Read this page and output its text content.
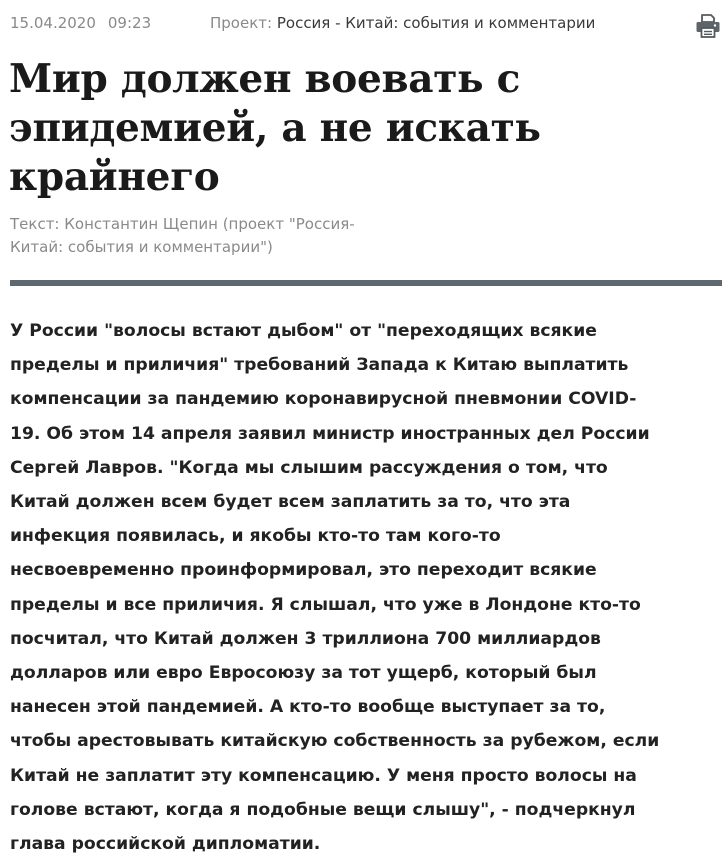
15.04.2020 09:23	Проект: Россия - Китай: события и комментарии
Мир должен воевать с
эпидемией, а не искать
крайнего
Текст: Константин Щепин (проект "Россия-
Китай: события и комментарии")
У России "волосы встают дыбом" от "переходящих всякие
пределы и приличия" требований Запада к Китаю выплатить
компенсации за пандемию коронавирусной пневмонии COVID-
19. Об этом 14 апреля заявил министр иностранных дел России
Сергей Лавров. "Когда мы слышим рассуждения о том, что
Китай должен всем будет всем заплатить за то, что эта
инфекция появилась, и якобы кто-то там кого-то
несвоевременно проинформировал, это переходит всякие
пределы и все приличия. Я слышал, что уже в Лондоне кто-то
посчитал, что Китай должен 3 триллиона 700 миллиардов
долларов или евро Евросоюзу за тот ущерб, который был
нанесен этой пандемией. А кто-то вообще выступает за то,
чтобы арестовывать китайскую собственность за рубежом, если
Китай не заплатит эту компенсацию. У меня просто волосы на
голове встают, когда я подобные вещи слышу", - подчеркнул
глава российской дипломатии.
